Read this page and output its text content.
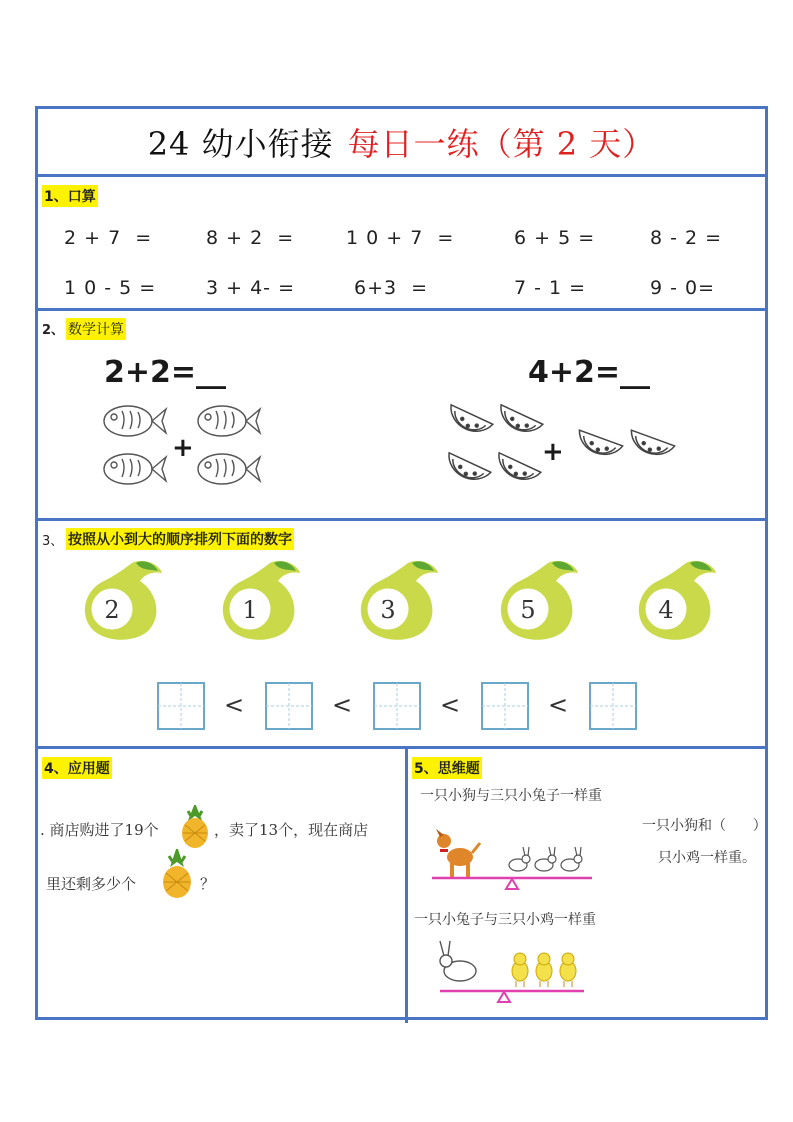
24 幼小衔接 每日一练（第 2 天）
1、口算
2 + 7  =	8 + 2  =	1 0 + 7  =	6 + 5 =	8 - 2 =
1 0 - 5 =	3 + 4- =	6+3  =	7 - 1 =	9 - 0=
2、 数学计算
2+2=__	4+2=__
+	+
3、 按照从小到大的顺序排列下面的数字
2	1	3	5	4
<	<	<	<
4、应用题
. 商店购进了19个	，卖了13个，现在商店
里还剩多少个	？
5、思维题
一只小狗与三只小兔子一样重
一只小狗和（      ）
只小鸡一样重。
一只小兔子与三只小鸡一样重
